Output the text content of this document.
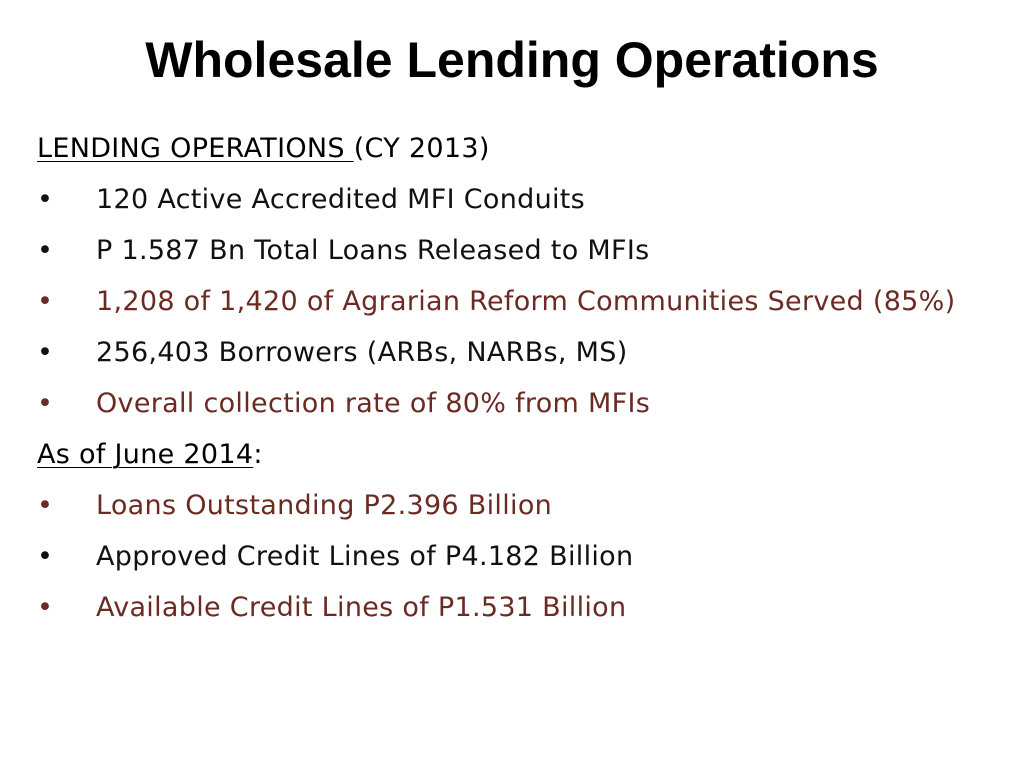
Wholesale Lending Operations
LENDING OPERATIONS (CY 2013)
• 120 Active Accredited MFI Conduits
• P 1.587 Bn Total Loans Released to MFIs
• 1,208 of 1,420 of Agrarian Reform Communities Served (85%)
• 256,403 Borrowers (ARBs, NARBs, MS)
• Overall collection rate of 80% from MFIs
As of June 2014:
• Loans Outstanding P2.396 Billion
• Approved Credit Lines of P4.182 Billion
• Available Credit Lines of P1.531 Billion
